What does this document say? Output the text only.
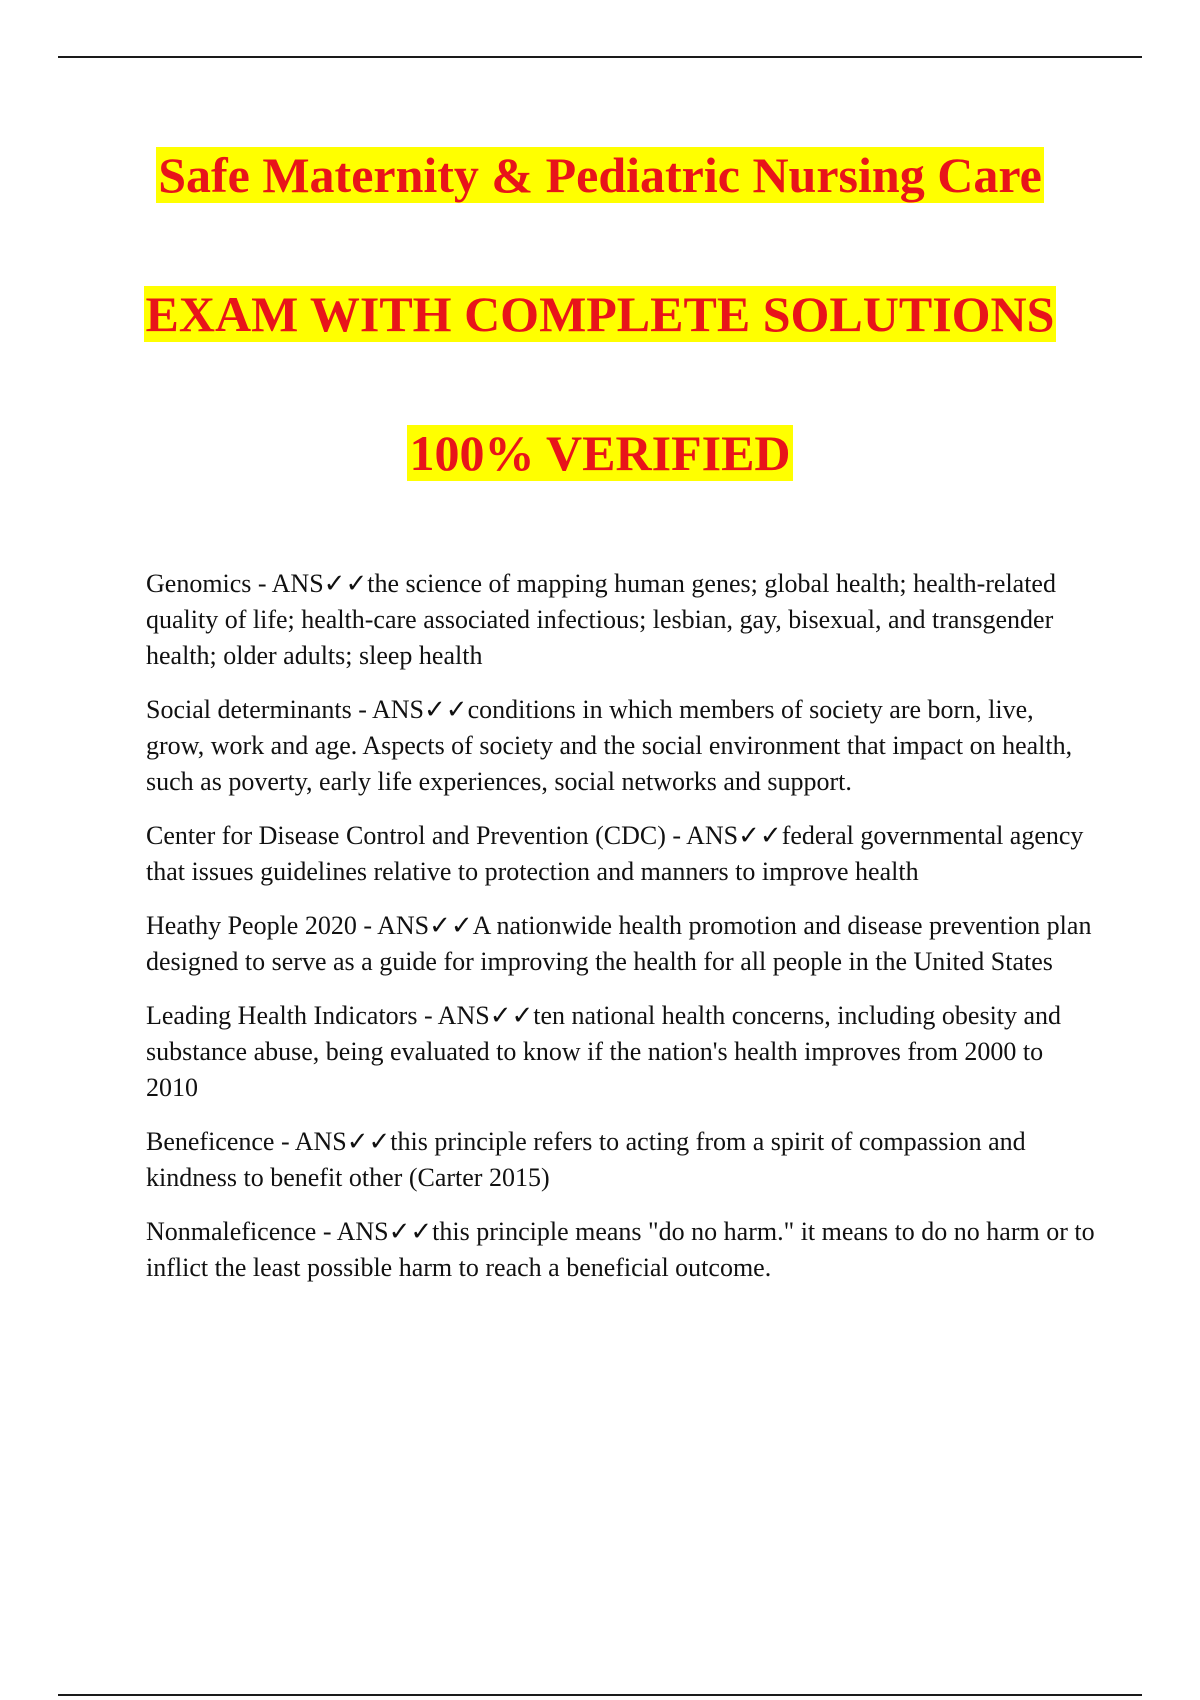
Safe Maternity & Pediatric Nursing Care
EXAM WITH COMPLETE SOLUTIONS
100% VERIFIED

Genomics - ANS✓✓the science of mapping human genes; global health; health-related quality of life; health-care associated infectious; lesbian, gay, bisexual, and transgender health; older adults; sleep health

Social determinants - ANS✓✓conditions in which members of society are born, live, grow, work and age. Aspects of society and the social environment that impact on health, such as poverty, early life experiences, social networks and support.

Center for Disease Control and Prevention (CDC) - ANS✓✓federal governmental agency that issues guidelines relative to protection and manners to improve health

Heathy People 2020 - ANS✓✓A nationwide health promotion and disease prevention plan designed to serve as a guide for improving the health for all people in the United States

Leading Health Indicators - ANS✓✓ten national health concerns, including obesity and substance abuse, being evaluated to know if the nation's health improves from 2000 to 2010

Beneficence - ANS✓✓this principle refers to acting from a spirit of compassion and kindness to benefit other (Carter 2015)

Nonmaleficence - ANS✓✓this principle means "do no harm." it means to do no harm or to inflict the least possible harm to reach a beneficial outcome.
